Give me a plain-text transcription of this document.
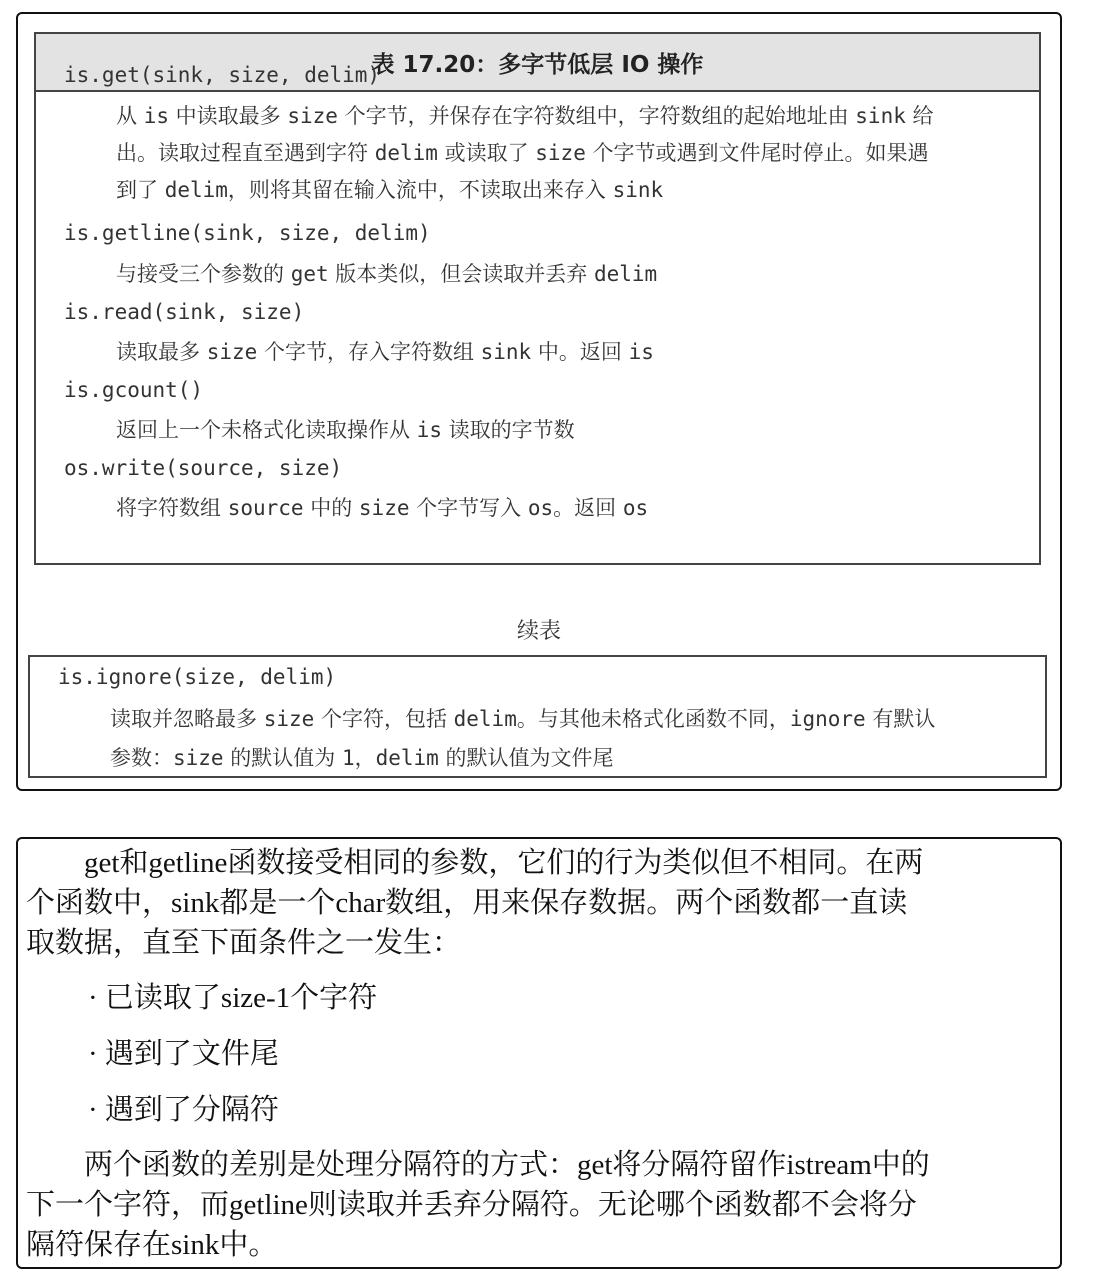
表 17.20：多字节低层 IO 操作
is.get(sink, size, delim)
从 is 中读取最多 size 个字节，并保存在字符数组中，字符数组的起始地址由 sink 给
出。读取过程直至遇到字符 delim 或读取了 size 个字节或遇到文件尾时停止。如果遇
到了 delim，则将其留在输入流中，不读取出来存入 sink
is.getline(sink, size, delim)
与接受三个参数的 get 版本类似，但会读取并丢弃 delim
is.read(sink, size)
读取最多 size 个字节，存入字符数组 sink 中。返回 is
is.gcount()
返回上一个未格式化读取操作从 is 读取的字节数
os.write(source, size)
将字符数组 source 中的 size 个字节写入 os。返回 os
续表
is.ignore(size, delim)
读取并忽略最多 size 个字符，包括 delim。与其他未格式化函数不同，ignore 有默认
参数：size 的默认值为 1，delim 的默认值为文件尾
　　get和getline函数接受相同的参数，它们的行为类似但不相同。在两
个函数中，sink都是一个char数组，用来保存数据。两个函数都一直读
取数据，直至下面条件之一发生：
· 已读取了size-1个字符
· 遇到了文件尾
· 遇到了分隔符
　　两个函数的差别是处理分隔符的方式：get将分隔符留作istream中的
下一个字符，而getline则读取并丢弃分隔符。无论哪个函数都不会将分
隔符保存在sink中。
